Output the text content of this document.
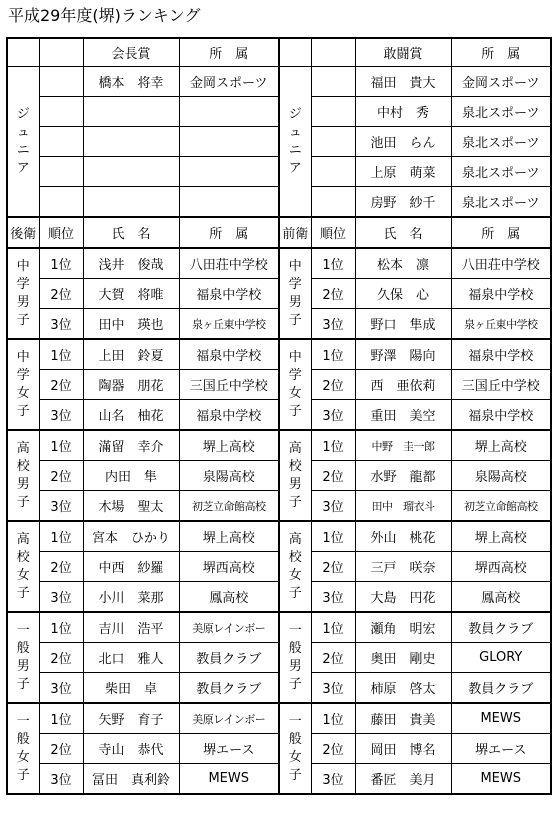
平成29年度(堺)ランキング
		会長賞	所　属			敢闘賞	所　属
ジュニア		橋本　将幸	金岡スポーツ	ジュニア		福田　貴大	金岡スポーツ
						中村　秀	泉北スポーツ
						池田　らん	泉北スポーツ
						上原　萌菜	泉北スポーツ
						房野　紗千	泉北スポーツ
後衛	順位	氏　名	所　属	前衛	順位	氏　名	所　属
中学男子	1位	浅井　俊哉	八田荘中学校	中学男子	1位	松本　凛	八田荘中学校
	2位	大賀　将唯	福泉中学校		2位	久保　心	福泉中学校
	3位	田中　瑛也	泉ヶ丘東中学校		3位	野口　隼成	泉ヶ丘東中学校
中学女子	1位	上田　鈴夏	福泉中学校	中学女子	1位	野澤　陽向	福泉中学校
	2位	陶器　朋花	三国丘中学校		2位	西　亜依莉	三国丘中学校
	3位	山名　柚花	福泉中学校		3位	重田　美空	福泉中学校
高校男子	1位	滿留　幸介	堺上高校	高校男子	1位	中野　圭一郎	堺上高校
	2位	内田　隼	泉陽高校		2位	水野　龍都	泉陽高校
	3位	木場　聖太	初芝立命館高校		3位	田中　瑠衣斗	初芝立命館高校
高校女子	1位	宮本　ひかり	堺上高校	高校女子	1位	外山　桃花	堺上高校
	2位	中西　紗羅	堺西高校		2位	三戸　咲奈	堺西高校
	3位	小川　菜那	鳳高校		3位	大島　円花	鳳高校
一般男子	1位	吉川　浩平	美原レインボー	一般男子	1位	瀬角　明宏	教員クラブ
	2位	北口　雅人	教員クラブ		2位	奥田　剛史	GLORY
	3位	柴田　卓	教員クラブ		3位	柿原　啓太	教員クラブ
一般女子	1位	矢野　育子	美原レインボー	一般女子	1位	藤田　貴美	MEWS
	2位	寺山　恭代	堺エース		2位	岡田　博名	堺エース
	3位	冨田　真利鈴	MEWS		3位	番匠　美月	MEWS
